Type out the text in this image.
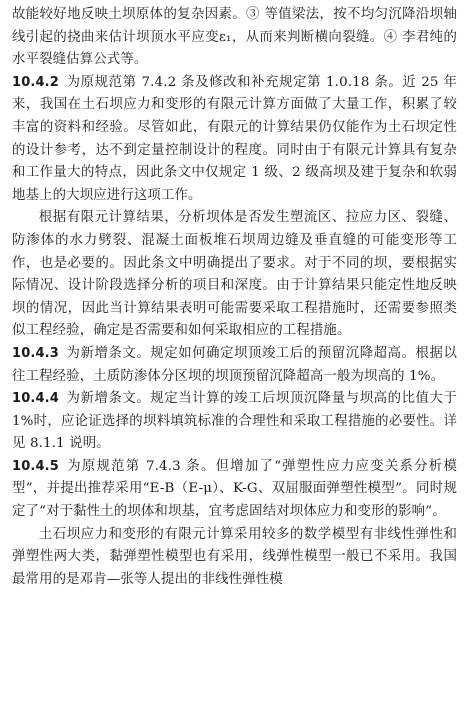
故能较好地反映土坝原体的复杂因素。③ 等值梁法，按不均匀沉降沿坝轴线引起的挠曲来估计坝顶水平应变ε₁，从而来判断横向裂缝。④ 李君纯的水平裂缝估算公式等。

10.4.2 为原规范第 7.4.2 条及修改和补充规定第 1.0.18 条。近 25 年来，我国在土石坝应力和变形的有限元计算方面做了大量工作，积累了较丰富的资料和经验。尽管如此，有限元的计算结果仍仅能作为土石坝定性的设计参考，达不到定量控制设计的程度。同时由于有限元计算具有复杂和工作量大的特点，因此条文中仅规定 1 级、2 级高坝及建于复杂和软弱地基上的大坝应进行这项工作。

根据有限元计算结果，分析坝体是否发生塑流区、拉应力区、裂缝、防渗体的水力劈裂、混凝土面板堆石坝周边缝及垂直缝的可能变形等工作，也是必要的。因此条文中明确提出了要求。对于不同的坝，要根据实际情况、设计阶段选择分析的项目和深度。由于计算结果只能定性地反映坝的情况，因此当计算结果表明可能需要采取工程措施时，还需要参照类似工程经验，确定是否需要和如何采取相应的工程措施。

10.4.3 为新增条文。规定如何确定坝顶竣工后的预留沉降超高。根据以往工程经验，土质防渗体分区坝的坝顶预留沉降超高一般为坝高的 1%。

10.4.4 为新增条文。规定当计算的竣工后坝顶沉降量与坝高的比值大于 1%时，应论证选择的坝料填筑标准的合理性和采取工程措施的必要性。详见 8.1.1 说明。

10.4.5 为原规范第 7.4.3 条。但增加了“弹塑性应力应变关系分析模型”，并提出推荐采用“E-B（E-μ）、K-G、双屈服面弹塑性模型”。同时规定了“对于黏性土的坝体和坝基，宜考虑固结对坝体应力和变形的影响”。

土石坝应力和变形的有限元计算采用较多的数学模型有非线性弹性和弹塑性两大类，黏弹塑性模型也有采用，线弹性模型一般已不采用。我国最常用的是邓肯—张等人提出的非线性弹性模
